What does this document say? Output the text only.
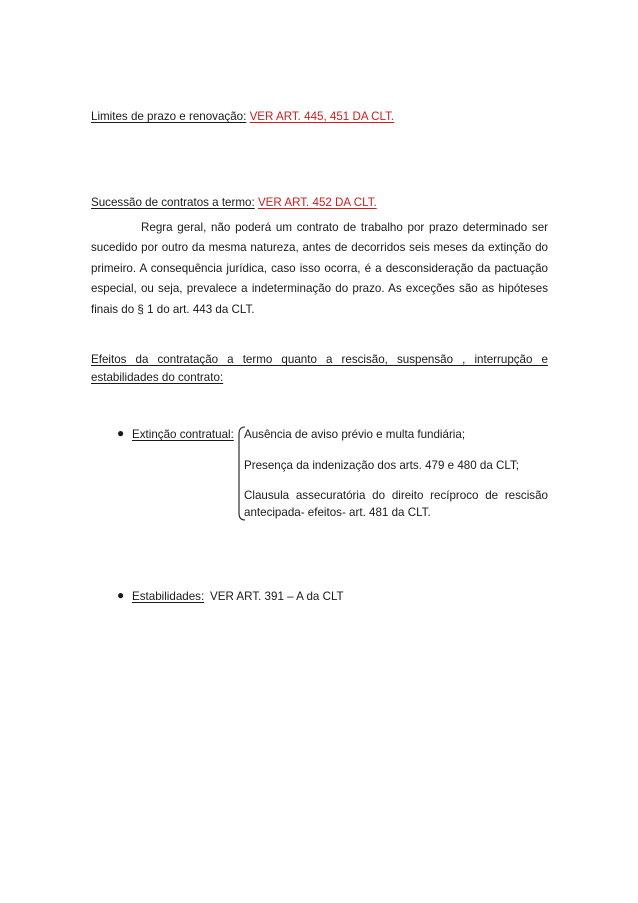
Limites de prazo e renovação: VER ART. 445, 451 DA CLT.
Sucessão de contratos a termo: VER ART. 452 DA CLT.
Regra geral, não poderá um contrato de trabalho por prazo determinado ser sucedido por outro da mesma natureza, antes de decorridos seis meses da extinção do primeiro. A consequência jurídica, caso isso ocorra, é a desconsideração da pactuação especial, ou seja, prevalece a indeterminação do prazo. As exceções são as hipóteses finais do § 1 do art. 443 da CLT.
Efeitos da contratação a termo quanto a rescisão, suspensão , interrupção e
estabilidades do contrato:
● Extinção contratual: Ausência de aviso prévio e multa fundiária;
Presença da indenização dos arts. 479 e 480 da CLT;
Clausula assecuratória do direito recíproco de rescisão antecipada- efeitos- art. 481 da CLT.
● Estabilidades: VER ART. 391 – A da CLT
